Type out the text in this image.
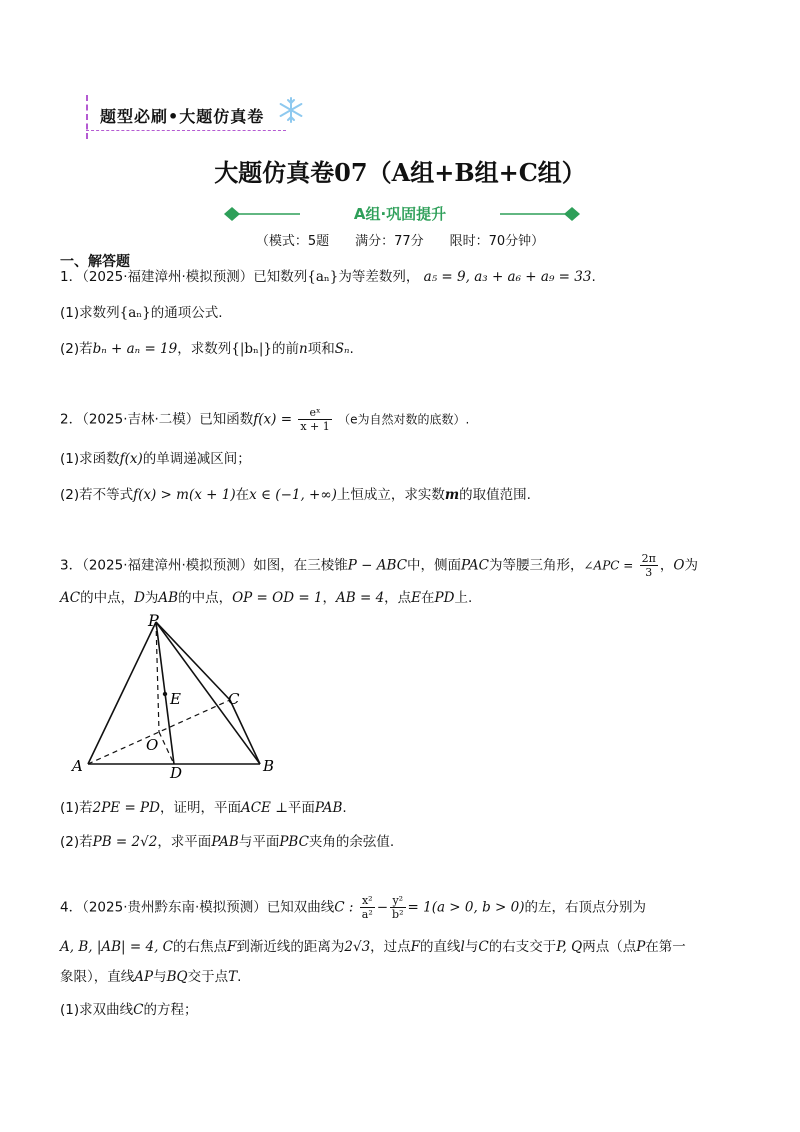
题型必刷•大题仿真卷
大题仿真卷07（A组+B组+C组）
A组·巩固提升
（模式：5题　　满分：77分　　限时：70分钟）
一、解答题
1．（2025·福建漳州·模拟预测）已知数列{aₙ}为等差数列， a₅ = 9, a₃ + a₆ + a₉ = 33.
(1)求数列{aₙ}的通项公式.
(2)若bₙ + aₙ = 19，求数列{|bₙ|}的前n项和Sₙ.
2．（2025·吉林·二模）已知函数$f(x) = \frac{\text{eˣ}}{x + 1} (e$为自然对数的底数）.
(1)求函数f(x)的单调递减区间；
(2)若不等式f(x) > m(x + 1)在x ∈ (−1, +∞)上恒成立，求实数m的取值范围.
3．（2025·福建漳州·模拟预测）如图，在三棱锥P − ABC中，侧面PAC为等腰三角形，∠APC = $\frac{2\pi}{3}$ ，O为
AC的中点，D为AB的中点，OP = OD = 1，AB = 4，点E在PD上.
P
E	C
O
A	D	B
(1)若2PE = PD，证明，平面ACE ⊥平面PAB.
(2)若PB = 2√2，求平面PAB与平面PBC夹角的余弦值.
4．（2025·贵州黔东南·模拟预测）已知双曲线C : $\frac{\text{x²}}{\text{a²}} - \frac{\text{y²}}{\text{b²}} = 1(a > 0$, b > 0)的左，右顶点分别为
A, B, |AB| = 4, C的右焦点F到渐近线的距离为2√3，过点F的直线l与C的右支交于P, Q两点（点P在第一
象限），直线AP与BQ交于点T.
(1)求双曲线C的方程；
